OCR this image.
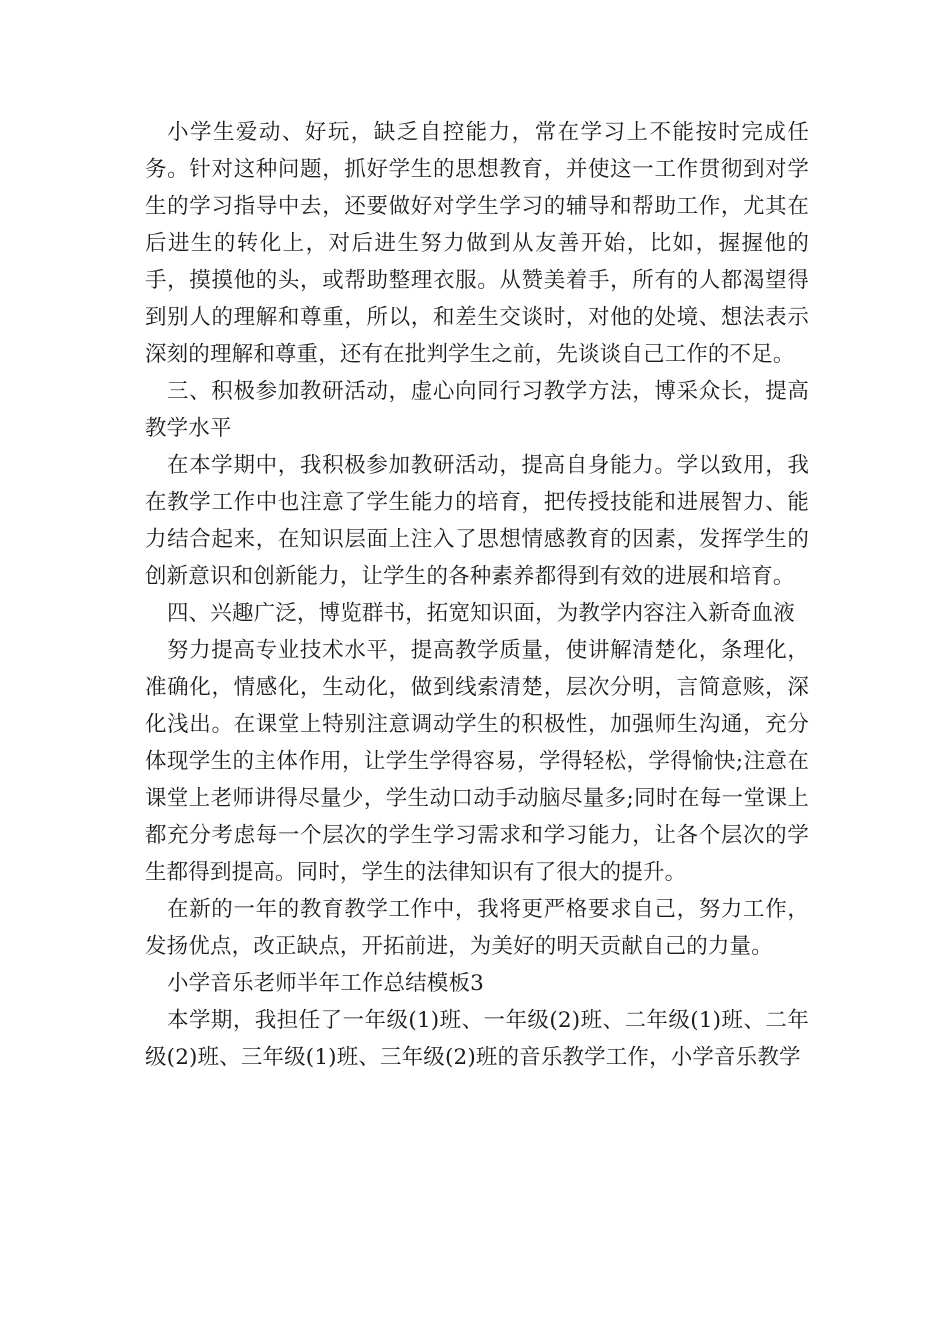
小学生爱动、好玩，缺乏自控能力，常在学习上不能按时完成任务。针对这种问题，抓好学生的思想教育，并使这一工作贯彻到对学生的学习指导中去，还要做好对学生学习的辅导和帮助工作，尤其在后进生的转化上，对后进生努力做到从友善开始，比如，握握他的手，摸摸他的头，或帮助整理衣服。从赞美着手，所有的人都渴望得到别人的理解和尊重，所以，和差生交谈时，对他的处境、想法表示深刻的理解和尊重，还有在批判学生之前，先谈谈自己工作的不足。

三、积极参加教研活动，虚心向同行习教学方法，博采众长，提高教学水平

在本学期中，我积极参加教研活动，提高自身能力。学以致用，我在教学工作中也注意了学生能力的培育，把传授技能和进展智力、能力结合起来，在知识层面上注入了思想情感教育的因素，发挥学生的创新意识和创新能力，让学生的各种素养都得到有效的进展和培育。

四、兴趣广泛，博览群书，拓宽知识面，为教学内容注入新奇血液

努力提高专业技术水平，提高教学质量，使讲解清楚化，条理化，准确化，情感化，生动化，做到线索清楚，层次分明，言简意赅，深化浅出。在课堂上特别注意调动学生的积极性，加强师生沟通，充分体现学生的主体作用，让学生学得容易，学得轻松，学得愉快;注意在课堂上老师讲得尽量少，学生动口动手动脑尽量多;同时在每一堂课上都充分考虑每一个层次的学生学习需求和学习能力，让各个层次的学生都得到提高。同时，学生的法律知识有了很大的提升。

在新的一年的教育教学工作中，我将更严格要求自己，努力工作，发扬优点，改正缺点，开拓前进，为美好的明天贡献自己的力量。

小学音乐老师半年工作总结模板3

本学期，我担任了一年级(1)班、一年级(2)班、二年级(1)班、二年级(2)班、三年级(1)班、三年级(2)班的音乐教学工作，小学音乐教学
